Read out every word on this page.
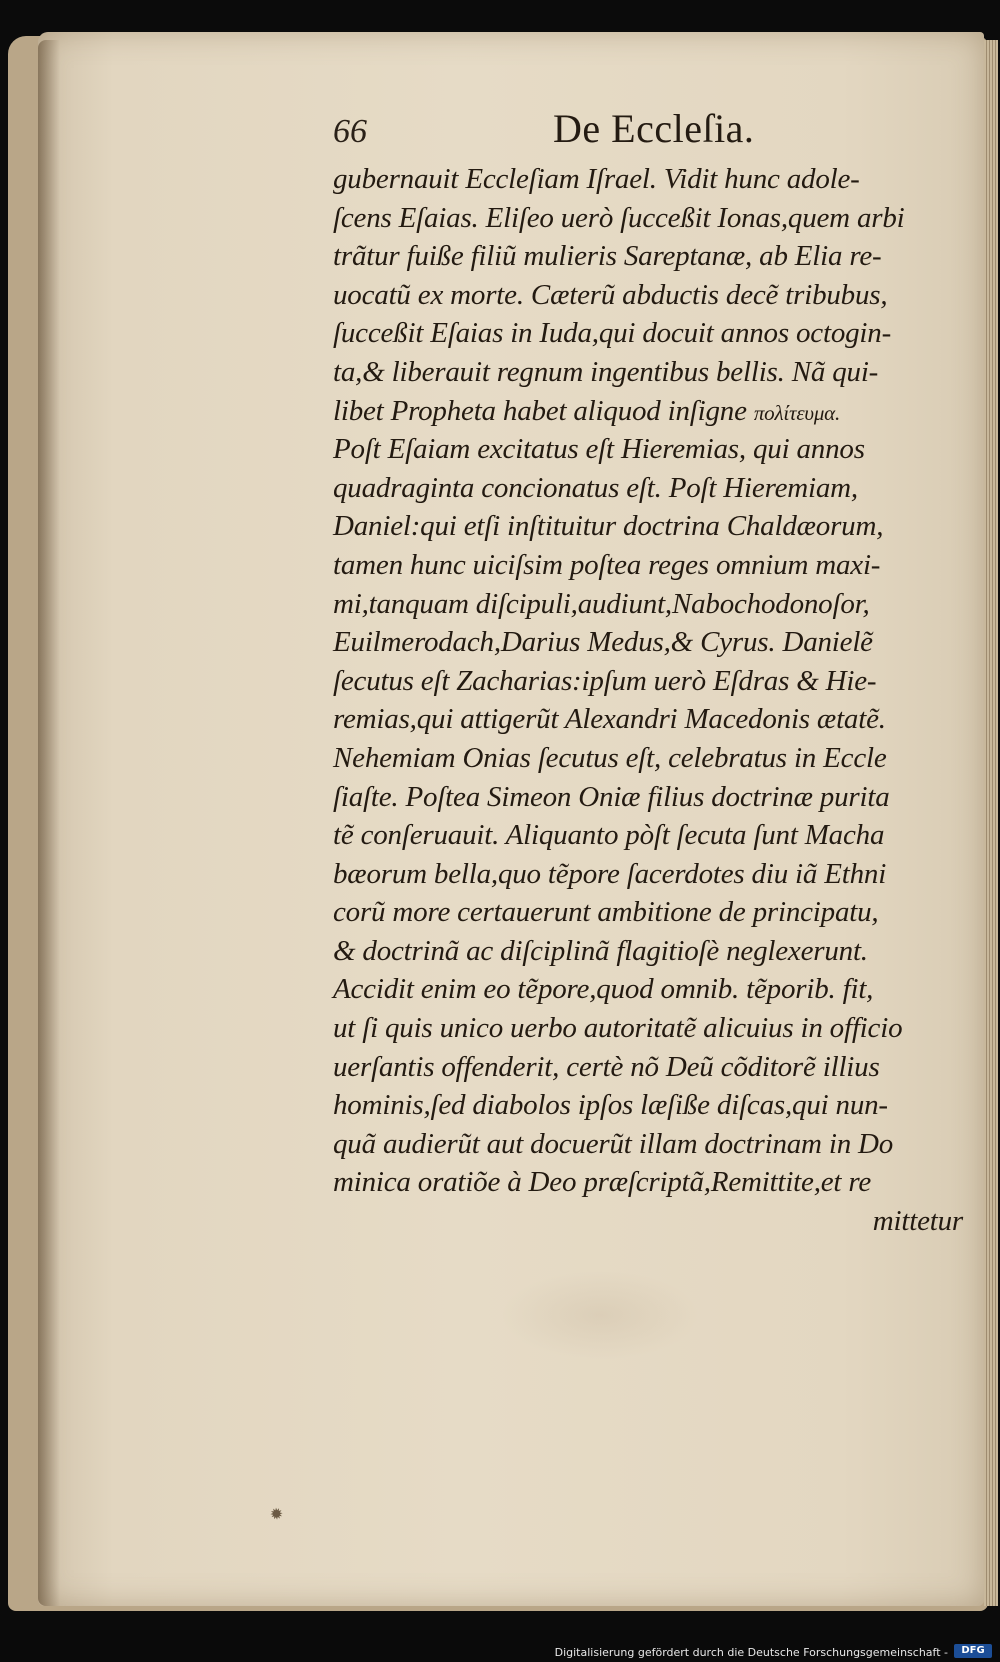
66	De Eccleſia.
gubernauit Eccleſiam Iſrael. Vidit hunc adole-
ſcens Eſaias. Eliſeo uerò ſucceßit Ionas,quem arbi
trãtur fuiße filiũ mulieris Sareptanæ, ab Elia re-
uocatũ ex morte. Cæterũ abductis decẽ tribubus,
ſucceßit Eſaias in Iuda,qui docuit annos octogin-
ta,& liberauit regnum ingentibus bellis. Nã qui-
libet Propheta habet aliquod inſigne πολίτευμα.
Poſt Eſaiam excitatus eſt Hieremias, qui annos
quadraginta concionatus eſt. Poſt Hieremiam,
Daniel:qui etſi inſtituitur doctrina Chaldæorum,
tamen hunc uiciſsim poſtea reges omnium maxi-
mi,tanquam diſcipuli,audiunt,Nabochodonoſor,
Euilmerodach,Darius Medus,& Cyrus. Danielẽ
ſecutus eſt Zacharias:ipſum uerò Eſdras & Hie-
remias,qui attigerũt Alexandri Macedonis ætatẽ.
Nehemiam Onias ſecutus eſt, celebratus in Eccle
ſiaſte. Poſtea Simeon Oniæ filius doctrinæ purita
tẽ conſeruauit. Aliquanto pòſt ſecuta ſunt Macha
bæorum bella,quo tẽpore ſacerdotes diu iã Ethni
corũ more certauerunt ambitione de principatu,
& doctrinã ac diſciplinã flagitioſè neglexerunt.
Accidit enim eo tẽpore,quod omnib. tẽporib. fit,
ut ſi quis unico uerbo autoritatẽ alicuius in officio
uerſantis offenderit, certè nõ Deũ cõditorẽ illius
hominis,ſed diabolos ipſos læſiße diſcas,qui nun-
quã audierũt aut docuerũt illam doctrinam in Do
minica oratiõe à Deo præſcriptã,Remittite,et re
mittetur
✹
Digitalisierung gefördert durch die Deutsche Forschungsgemeinschaft -	DFG
